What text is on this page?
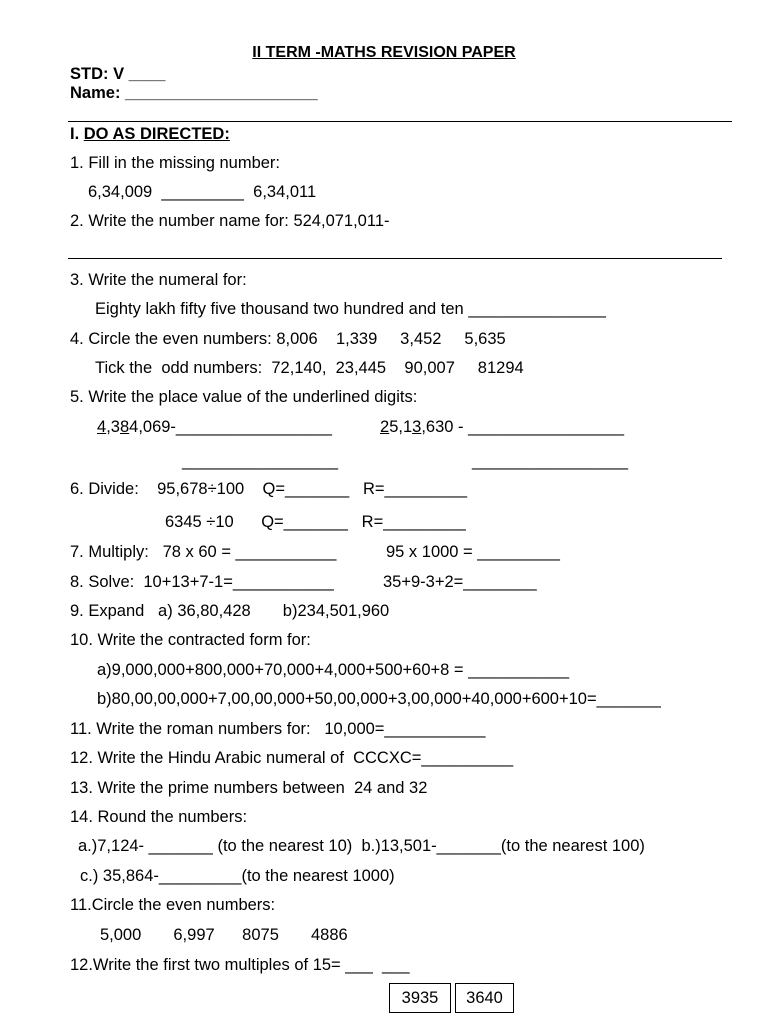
II TERM -MATHS REVISION PAPER
STD: V ____
Name: _____________________
I. DO AS DIRECTED:
1. Fill in the missing number:
6,34,009  _________  6,34,011
2. Write the number name for: 524,071,011-
3. Write the numeral for:
Eighty lakh fifty five thousand two hundred and ten _______________
4. Circle the even numbers: 8,006    1,339     3,452     5,635
Tick the  odd numbers:  72,140,  23,445    90,007     81294
5. Write the place value of the underlined digits:
4,384,069-_________________	25,13,630 - _________________
_________________	_________________
6. Divide:    95,678÷100    Q=_______   R=_________
6345 ÷10      Q=_______   R=_________
7. Multiply:   78 x 60 = ___________	95 x 1000 = _________
8. Solve:  10+13+7-1=___________	35+9-3+2=________
9. Expand   a) 36,80,428       b)234,501,960
10. Write the contracted form for:
a)9,000,000+800,000+70,000+4,000+500+60+8 = ___________
b)80,00,00,000+7,00,00,000+50,00,000+3,00,000+40,000+600+10=_______
11. Write the roman numbers for:   10,000=___________
12. Write the Hindu Arabic numeral of  CCCXC=__________
13. Write the prime numbers between  24 and 32
14. Round the numbers:
a.)7,124- _______ (to the nearest 10)  b.)13,501-_______(to the nearest 100)
c.) 35,864-_________(to the nearest 1000)
11.Circle the even numbers:
5,000       6,997      8075       4886
12.Write the first two multiples of 15= ___  ___
3935	3640
